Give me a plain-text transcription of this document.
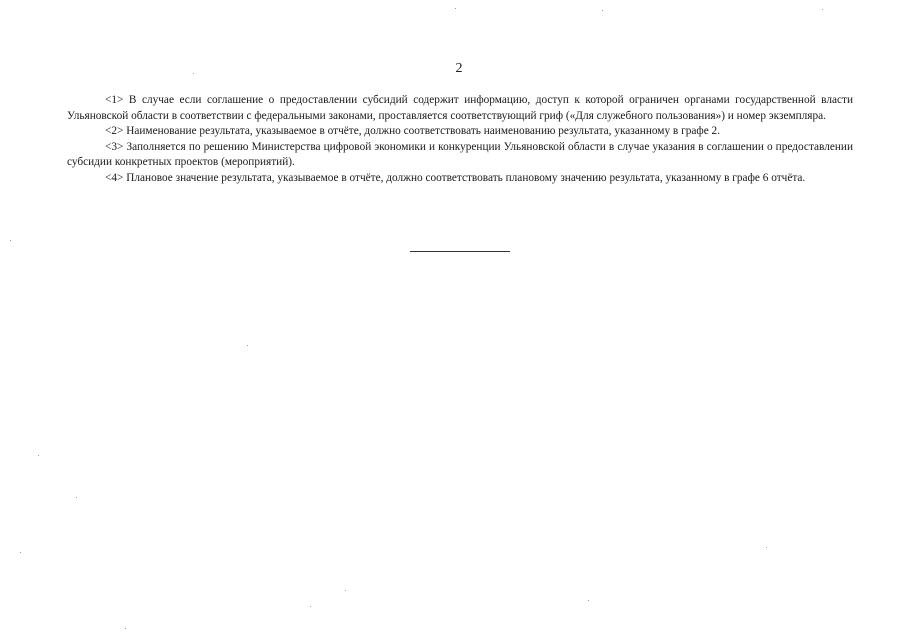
2

<1> В случае если соглашение о предоставлении субсидий содержит информацию, доступ к которой ограничен органами государственной власти Ульяновской области в соответствии с федеральными законами, проставляется соответствующий гриф («Для служебного пользования») и номер экземпляра.

<2> Наименование результата, указываемое в отчёте, должно соответствовать наименованию результата, указанному в графе 2.

<3> Заполняется по решению Министерства цифровой экономики и конкуренции Ульяновской области в случае указания в соглашении о предоставлении субсидии конкретных проектов (мероприятий).

<4> Плановое значение результата, указываемое в отчёте, должно соответствовать плановому значению результата, указанному в графе 6 отчёта.
